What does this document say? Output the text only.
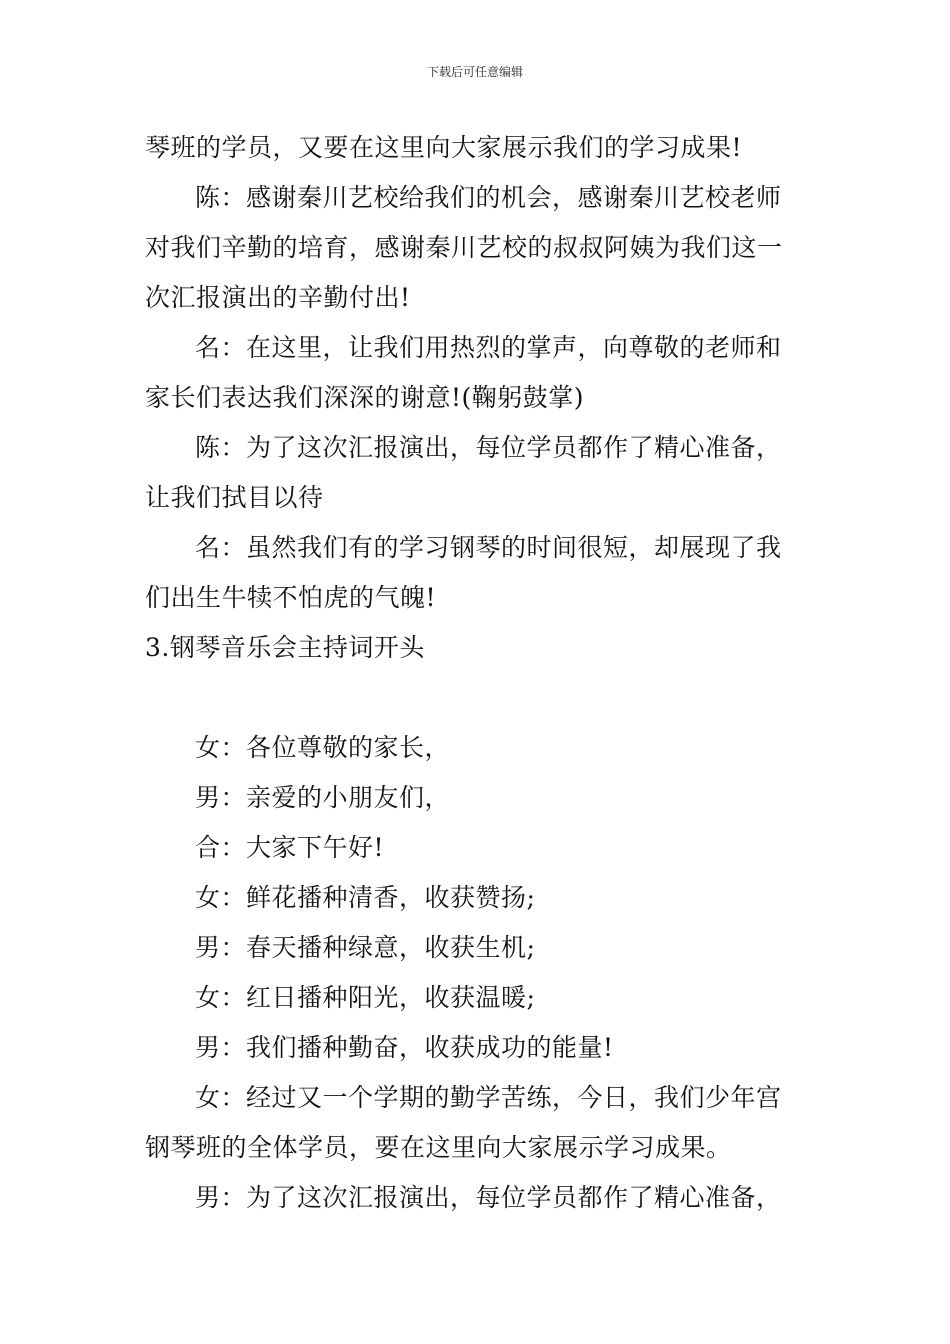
下载后可任意编辑
琴班的学员，又要在这里向大家展示我们的学习成果!
陈：感谢秦川艺校给我们的机会，感谢秦川艺校老师
对我们辛勤的培育，感谢秦川艺校的叔叔阿姨为我们这一
次汇报演出的辛勤付出!
名：在这里，让我们用热烈的掌声，向尊敬的老师和
家长们表达我们深深的谢意!(鞠躬鼓掌)
陈：为了这次汇报演出，每位学员都作了精心准备，
让我们拭目以待
名：虽然我们有的学习钢琴的时间很短，却展现了我
们出生牛犊不怕虎的气魄!
3.钢琴音乐会主持词开头
女：各位尊敬的家长，
男：亲爱的小朋友们，
合：大家下午好!
女：鲜花播种清香，收获赞扬;
男：春天播种绿意，收获生机;
女：红日播种阳光，收获温暖;
男：我们播种勤奋，收获成功的能量!
女：经过又一个学期的勤学苦练，今日，我们少年宫
钢琴班的全体学员，要在这里向大家展示学习成果。
男：为了这次汇报演出，每位学员都作了精心准备，
